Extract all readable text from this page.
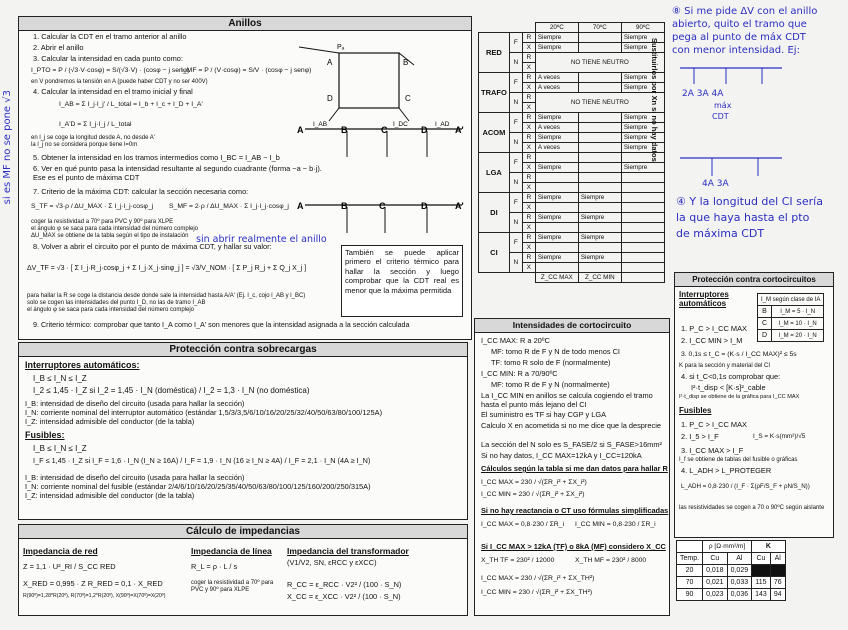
Anillos
1. Calcular la CDT en el tramo anterior al anillo
2. Abrir el anillo
3. Calcular la intensidad en cada punto como:
I_PTO = P / (√3·V·cosφ) = S/(√3·V) · (cosφ − j senφ)
I_MF = P / (V·cosφ) = S/V · (cosφ − j senφ)
en V pondremos la tensión en A (puede haber CDT y no ser 400V)
4. Calcular la intensidad en el tramo inicial y final
I_AB = Σ I_j·l_j' / L_total = I_b + I_c + I_D + I_A'
I_A'D = Σ I_j·l_j / L_total
en l_j se coge la longitud desde A, no desde A'
la l_j no se considera porque tiene l=0m
5. Obtener la intensidad en los tramos intermedios como I_BC = I_AB − I_b
6. Ver en qué punto pasa la intensidad resultante al segundo cuadrante (forma −a − b·j). Ese es el punto de máxima CDT
7. Criterio de la máxima CDT: calcular la sección necesaria como:
S_TF = √3·ρ / ΔU_MAX · Σ I_j·l_j·cosφ_j S_MF = 2·ρ / ΔU_MAX · Σ I_j·l_j·cosφ_j
coger la resistividad a 70º para PVC y 90º para XLPE
el ángulo φ se saca para cada intensidad del número complejo
ΔU_MAX se obtiene de la tabla según el tipo de instalación
8. Volver a abrir el circuito por el punto de máxima CDT, y hallar su valor:
ΔV_TF = √3 · [ Σ I_j·R_j·cosφ_j + Σ I_j·X_j·sinφ_j ] = √3/V_NOM · [ Σ P_j R_j + Σ Q_j X_j ]
para hallar la R se coge la distancia desde donde sale la intensidad hasta A/A' (Ej. I_c, cojo l_AB y l_BC)
solo se cogen las intensidades del punto I_D, no las de tramo I_AB
el ángulo φ se saca para cada intensidad del número complejo
9. Criterio térmico: comprobar que tanto I_A como I_A' son menores que la intensidad asignada a la sección calculada
Pₐ
A	B
C
D
A	B	C	D	A'
I_AB	I_DC	I_AD
A	B	C	D	A'
También se puede aplicar primero el criterio térmico para hallar la sección y luego comprobar que la CDT real es menor que la máxima permitida
			20ºC	70ºC	90ºC
RED	F	R	Siempre		Siempre
		X	Siempre		Siempre
	N	R	NO TIENE NEUTRO		
		X			
TRAFO	F	R	A veces		Siempre
		X	A veces		Siempre
	N	R	NO TIENE NEUTRO		
		X			
ACOM	F	R	Siempre		Siempre
		X	A veces		Siempre
	N	R	Siempre		Siempre
		X	A veces		Siempre
LGA	F	R			
		X	Siempre		Siempre
	N	R			
		X			
DI	F	R	Siempre	Siempre	
		X			
	N	R	Siempre	Siempre	
		X			
CI	F	R	Siempre	Siempre	
		X			
	N	R	Siempre	Siempre	
		X			
			Z_CC MAX	Z_CC MIN	
Sustituirlos por Xn si no hay datos
Protección contra sobrecargas
Interruptores automáticos:
I_B ≤ I_N ≤ I_Z
I_2 ≤ 1,45 · I_Z si I_2 = 1,45 · I_N (doméstica) / I_2 = 1,3 · I_N (no doméstica)
I_B: intensidad de diseño del circuito (usada para hallar la sección)
I_N: corriente nominal del interruptor automático (estándar 1,5/3/3,5/6/10/16/20/25/32/40/50/63/80/100/125A)
I_Z: intensidad admisible del conductor (de la tabla)
Fusibles:
I_B ≤ I_N ≤ I_Z
I_F ≤ 1,45 · I_Z si I_F = 1,6 · I_N (I_N ≥ 16A) / I_F = 1,9 · I_N (16 ≥ I_N ≥ 4A) / I_F = 2,1 · I_N (4A ≥ I_N)
I_B: intensidad de diseño del circuito (usada para hallar la sección)
I_N: corriente nominal del fusible (estándar 2/4/6/10/16/20/25/35/40/50/63/80/100/125/160/200/250/315A)
I_Z: intensidad admisible del conductor (de la tabla)
Cálculo de impedancias
Impedancia de red
Z = 1,1 · U²_RI / S_CC RED
X_RED = 0,995 · Z R_RED = 0,1 · X_RED
R(90º)=1,28*R(20º), R(70º)=1,2*R(20º), X(90º)=X(70º)=X(20º)
Impedancia de línea
R_L = ρ · L / s
coger la resistividad a 70º para PVC y 90º para XLPE
Impedancia del transformador
(V1/V2, SN, εRCC y εXCC)
R_CC = ε_RCC · V2² / (100 · S_N)
X_CC = ε_XCC · V2² / (100 · S_N)
Intensidades de cortocircuito
I_CC MAX: R a 20ºC
MF: tomo R de F y N de todo menos CI
TF: tomo R solo de F (normalmente)
I_CC MIN: R a 70/90ºC
MF: tomo R de F y N (normalmente)
La I_CC MIN en anillos se calcula cogiendo el tramo hasta el punto más lejano del CI
El suministro es TF si hay CGP y LGA
Calculo X en acometida si no me dice que la desprecie
La sección del N solo es S_FASE/2 si S_FASE>16mm²
Si no hay datos, I_CC MAX=12kA y I_CC=120kA
Cálculos según la tabla si me dan datos para hallar R
I_CC MAX = 230 / √(ΣR_i² + ΣX_i²)
I_CC MIN = 230 / √(ΣR_i² + ΣX_i²)
Si no hay reactancia o CT uso fórmulas simplificadas
I_CC MAX = 0,8·230 / ΣR_i I_CC MIN = 0,8·230 / ΣR_i
Si I_CC MAX > 12kA (TF) o 8kA (MF) considero X_CC
X_TH TF = 230² / 12000	X_TH MF = 230² / 8000
I_CC MAX = 230 / √(ΣR_i² + ΣX_TH²)
I_CC MIN = 230 / √(ΣR_i² + ΣX_TH²)
Protección contra cortocircuitos
Interruptores automáticos	I_M según clase de IA	
B	I_M = 5 · I_N
C	I_M = 10 · I_N
D	I_M = 20 · I_N
1. P_C > I_CC MAX
2. I_CC MIN > I_M
3. 0,1s ≤ t_C = (K·s / I_CC MAX)² ≤ 5s
K para la sección y material del CI
4. si t_C<0,1s comprobar que:
I²·t_disp < [K·s]²_cable
I²·t_disp se obtiene de la gráfica para I_CC MAX
Fusibles
1. P_C > I_CC MAX
2. I_5 > I_F	I_S = K·s(mm²)/√5
3. I_CC MAX > I_F
I_f se obtiene de tablas del fusible o gráficas
4. L_ADH > L_PROTEGER
L_ADH = 0,8·230 / (I_F · Σ(ρF/S_F + ρN/S_N))
las resistividades se cogen a 70 o 90ºC según aislante
	ρ [Ω·mm²/m]		K	
Temp.	Cu	Al	Cu	Al
20	0,018	0,029		
70	0,021	0,033	115	76
90	0,023	0,036	143	94
⑧ Si me pide ΔV con el anillo
abierto, quito el tramo que
pega al punto de máx CDT
con menor intensidad. Ej:
2A 3A 4A
máx
CDT
4A 3A
④ Y la longitud del CI sería
la que haya hasta el pto
de máxima CDT
si es MF no se pone √3
sin abrir realmente el anillo
